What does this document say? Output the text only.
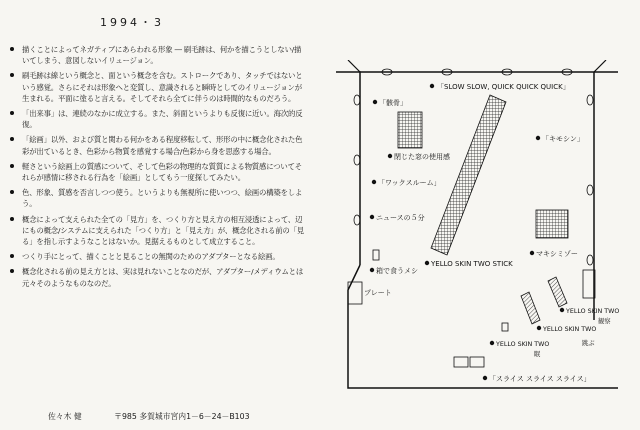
1994・3
描くことによってネガティブにあらわれる形象 ― 刷毛跡は、何かを描こうとしない/描いてしまう、意図しないイリュージョン。
刷毛跡は線という概念と、面という概念を含む。ストロークであり、タッチではないという感覚。さらにそれは形象へと変質し、意識されると瞬時としてのイリュージョンが生まれる。平面に塗ると言える。そしてそれら全てに伴うのは時間的なものだろう。
「出来事」は、連続のなかに成立する。また、斜面というよりも反復に近い。海次的反復。
「絵画」以外、および質と関わる何かをある程度移転して、形形の中に概念化された色彩が出ているとき、色彩から物質を感覚する場合/色彩から身を思惑する場合。
軽さという絵画上の質感について、そして色彩の物理的な質質による物質感についてそれらが感情に移される行為を「絵画」としてもう一度探してみたい。
色、形象、質感を否言しつつ使う。というよりも無視所に使いつつ、絵画の構築をしよう。
概念によって支えられた全ての「見方」を、つくり方と見え方の相互浸透によって、辺にもの概念/システムに支えられた「つくり方」と「見え方」が、概念化される前の「見る」を指し示すようなことはないか。見据えるものとして成立すること。
つくり手にとって、描くことと見ることの無関のためのアダプターとなる絵画。
概念化される前の見え方とは、実は見れないことなのだが、アダプター/メディウムとは元々そのようなものなのだ。
佐々木 健	〒985 多賀城市宮内1－6－24－B103
「SLOW SLOW, QUICK QUICK QUICK」
「骸骨」
閉じた窓の使用感
「キモシン」
「ワックスルーム」
ニュースの５分
YELLO SKIN TWO STICK
マキシミゾー
箱で食うメシ
プレート
YELLO SKIN TWO
観察
YELLO SKIN TWO
跳ぶ
YELLO SKIN TWO
眠
「スライス スライス スライス」
